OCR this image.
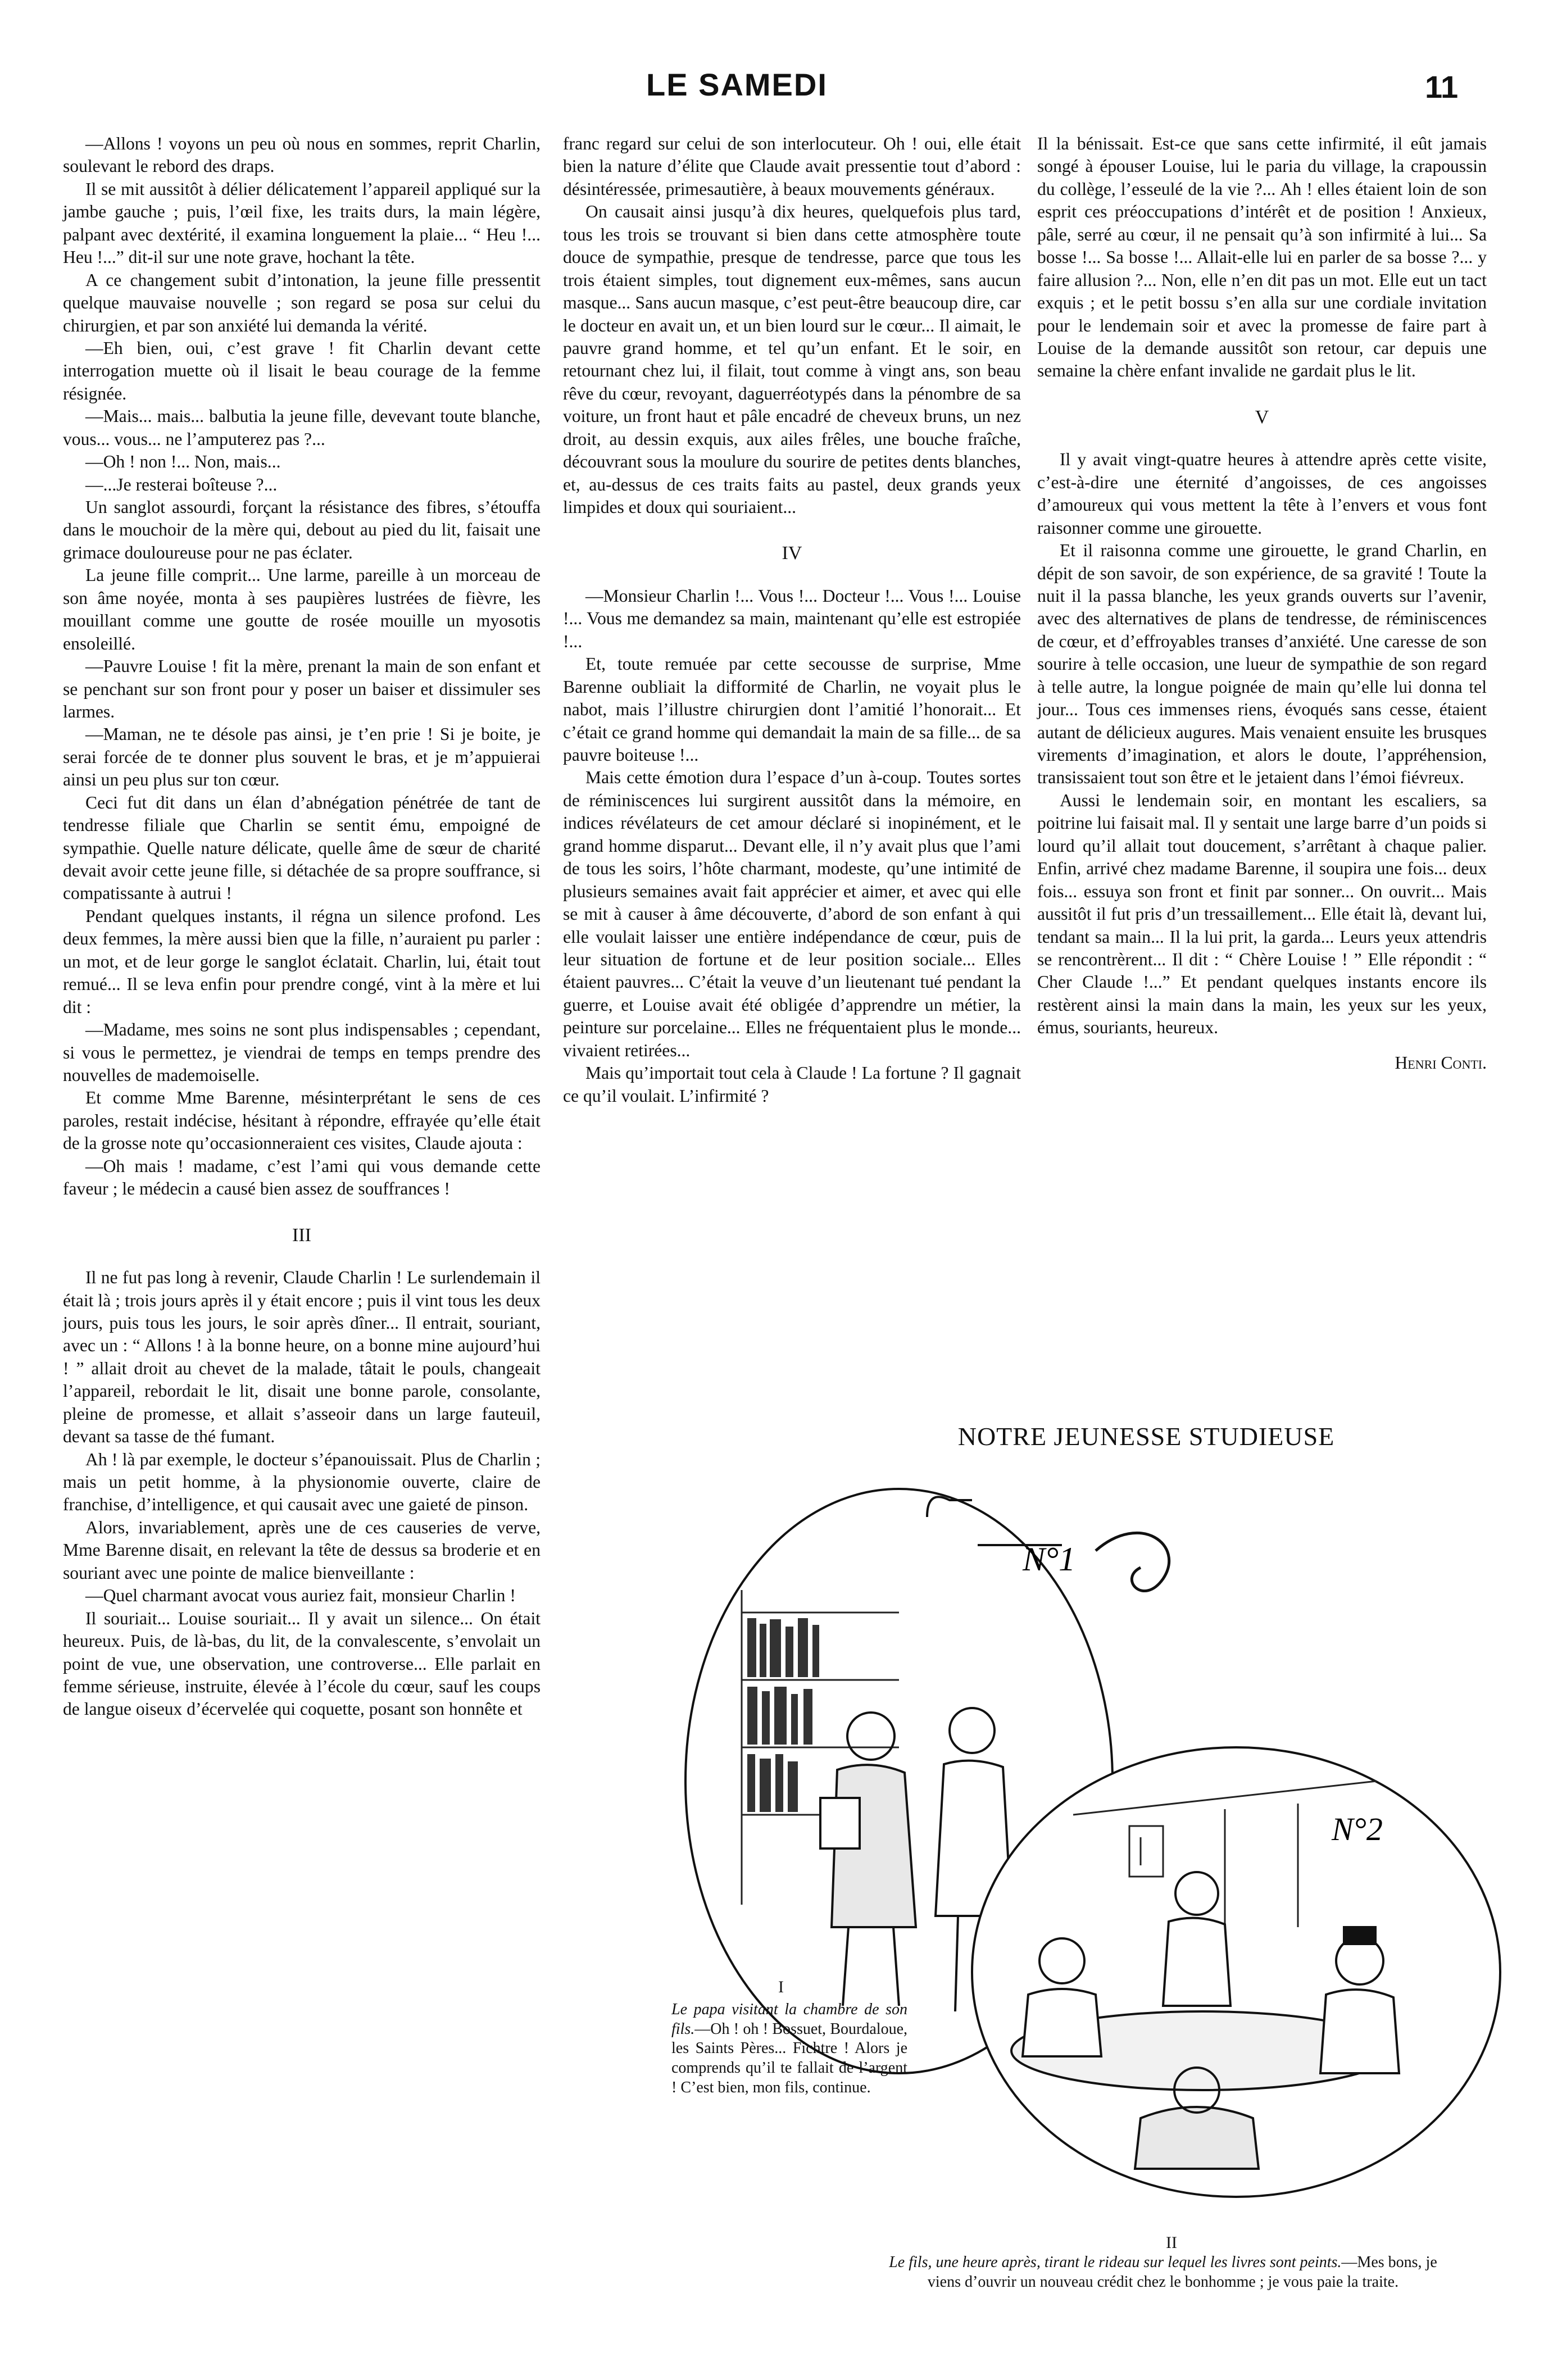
LE SAMEDI	11

—Allons ! voyons un peu où nous en sommes, reprit Charlin, soulevant le rebord des draps.

Il se mit aussitôt à délier délicatement l’appareil appliqué sur la jambe gauche ; puis, l’œil fixe, les traits durs, la main légère, palpant avec dextérité, il examina longuement la plaie... “ Heu !... Heu !...” dit-il sur une note grave, hochant la tête.

A ce changement subit d’intonation, la jeune fille pressentit quelque mauvaise nouvelle ; son regard se posa sur celui du chirurgien, et par son anxiété lui demanda la vérité.

—Eh bien, oui, c’est grave ! fit Charlin devant cette interrogation muette où il lisait le beau courage de la femme résignée.

—Mais... mais... balbutia la jeune fille, devevant toute blanche, vous... vous... ne l’amputerez pas ?...

—Oh ! non !... Non, mais...

—...Je resterai boîteuse ?...

Un sanglot assourdi, forçant la résistance des fibres, s’étouffa dans le mouchoir de la mère qui, debout au pied du lit, faisait une grimace douloureuse pour ne pas éclater.

La jeune fille comprit... Une larme, pareille à un morceau de son âme noyée, monta à ses paupières lustrées de fièvre, les mouillant comme une goutte de rosée mouille un myosotis ensoleillé.

—Pauvre Louise ! fit la mère, prenant la main de son enfant et se penchant sur son front pour y poser un baiser et dissimuler ses larmes.

—Maman, ne te désole pas ainsi, je t’en prie ! Si je boite, je serai forcée de te donner plus souvent le bras, et je m’appuierai ainsi un peu plus sur ton cœur.

Ceci fut dit dans un élan d’abnégation pénétrée de tant de tendresse filiale que Charlin se sentit ému, empoigné de sympathie. Quelle nature délicate, quelle âme de sœur de charité devait avoir cette jeune fille, si détachée de sa propre souffrance, si compatissante à autrui !

Pendant quelques instants, il régna un silence profond. Les deux femmes, la mère aussi bien que la fille, n’auraient pu parler : un mot, et de leur gorge le sanglot éclatait. Charlin, lui, était tout remué... Il se leva enfin pour prendre congé, vint à la mère et lui dit :

—Madame, mes soins ne sont plus indispensables ; cependant, si vous le permettez, je viendrai de temps en temps prendre des nouvelles de mademoiselle.

Et comme Mme Barenne, mésinterprétant le sens de ces paroles, restait indécise, hésitant à répondre, effrayée qu’elle était de la grosse note qu’occasionneraient ces visites, Claude ajouta :

—Oh mais ! madame, c’est l’ami qui vous demande cette faveur ; le médecin a causé bien assez de souffrances !

III

Il ne fut pas long à revenir, Claude Charlin ! Le surlendemain il était là ; trois jours après il y était encore ; puis il vint tous les deux jours, puis tous les jours, le soir après dîner... Il entrait, souriant, avec un : “ Allons ! à la bonne heure, on a bonne mine aujourd’hui ! ” allait droit au chevet de la malade, tâtait le pouls, changeait l’appareil, rebordait le lit, disait une bonne parole, consolante, pleine de promesse, et allait s’asseoir dans un large fauteuil, devant sa tasse de thé fumant.

Ah ! là par exemple, le docteur s’épanouissait. Plus de Charlin ; mais un petit homme, à la physionomie ouverte, claire de franchise, d’intelligence, et qui causait avec une gaieté de pinson.

Alors, invariablement, après une de ces causeries de verve, Mme Barenne disait, en relevant la tête de dessus sa broderie et en souriant avec une pointe de malice bienveillante :

—Quel charmant avocat vous auriez fait, monsieur Charlin !

Il souriait... Louise souriait... Il y avait un silence... On était heureux. Puis, de là-bas, du lit, de la convalescente, s’envolait un point de vue, une observation, une controverse... Elle parlait en femme sérieuse, instruite, élevée à l’école du cœur, sauf les coups de langue oiseux d’écervelée qui coquette, posant son honnête et

franc regard sur celui de son interlocuteur. Oh ! oui, elle était bien la nature d’élite que Claude avait pressentie tout d’abord : désintéressée, primesautière, à beaux mouvements généraux.

On causait ainsi jusqu’à dix heures, quelquefois plus tard, tous les trois se trouvant si bien dans cette atmosphère toute douce de sympathie, presque de tendresse, parce que tous les trois étaient simples, tout dignement eux-mêmes, sans aucun masque... Sans aucun masque, c’est peut-être beaucoup dire, car le docteur en avait un, et un bien lourd sur le cœur... Il aimait, le pauvre grand homme, et tel qu’un enfant. Et le soir, en retournant chez lui, il filait, tout comme à vingt ans, son beau rêve du cœur, revoyant, daguerréotypés dans la pénombre de sa voiture, un front haut et pâle encadré de cheveux bruns, un nez droit, au dessin exquis, aux ailes frêles, une bouche fraîche, découvrant sous la moulure du sourire de petites dents blanches, et, au-dessus de ces traits faits au pastel, deux grands yeux limpides et doux qui souriaient...

IV

—Monsieur Charlin !... Vous !... Docteur !... Vous !... Louise !... Vous me demandez sa main, maintenant qu’elle est estropiée !...

Et, toute remuée par cette secousse de surprise, Mme Barenne oubliait la difformité de Charlin, ne voyait plus le nabot, mais l’illustre chirurgien dont l’amitié l’honorait... Et c’était ce grand homme qui demandait la main de sa fille... de sa pauvre boiteuse !...

Mais cette émotion dura l’espace d’un à-coup. Toutes sortes de réminiscences lui surgirent aussitôt dans la mémoire, en indices révélateurs de cet amour déclaré si inopinément, et le grand homme disparut... Devant elle, il n’y avait plus que l’ami de tous les soirs, l’hôte charmant, modeste, qu’une intimité de plusieurs semaines avait fait apprécier et aimer, et avec qui elle se mit à causer à âme découverte, d’abord de son enfant à qui elle voulait laisser une entière indépendance de cœur, puis de leur situation de fortune et de leur position sociale... Elles étaient pauvres... C’était la veuve d’un lieutenant tué pendant la guerre, et Louise avait été obligée d’apprendre un métier, la peinture sur porcelaine... Elles ne fréquentaient plus le monde... vivaient retirées...

Mais qu’importait tout cela à Claude ! La fortune ? Il gagnait ce qu’il voulait. L’infirmité ?

Il la bénissait. Est-ce que sans cette infirmité, il eût jamais songé à épouser Louise, lui le paria du village, la crapoussin du collège, l’esseulé de la vie ?... Ah ! elles étaient loin de son esprit ces préoccupations d’intérêt et de position ! Anxieux, pâle, serré au cœur, il ne pensait qu’à son infirmité à lui... Sa bosse !... Sa bosse !... Allait-elle lui en parler de sa bosse ?... y faire allusion ?... Non, elle n’en dit pas un mot. Elle eut un tact exquis ; et le petit bossu s’en alla sur une cordiale invitation pour le lendemain soir et avec la promesse de faire part à Louise de la demande aussitôt son retour, car depuis une semaine la chère enfant invalide ne gardait plus le lit.

V

Il y avait vingt-quatre heures à attendre après cette visite, c’est-à-dire une éternité d’angoisses, de ces angoisses d’amoureux qui vous mettent la tête à l’envers et vous font raisonner comme une girouette.

Et il raisonna comme une girouette, le grand Charlin, en dépit de son savoir, de son expérience, de sa gravité ! Toute la nuit il la passa blanche, les yeux grands ouverts sur l’avenir, avec des alternatives de plans de tendresse, de réminiscences de cœur, et d’effroyables transes d’anxiété. Une caresse de son sourire à telle occasion, une lueur de sympathie de son regard à telle autre, la longue poignée de main qu’elle lui donna tel jour... Tous ces immenses riens, évoqués sans cesse, étaient autant de délicieux augures. Mais venaient ensuite les brusques virements d’imagination, et alors le doute, l’appréhension, transissaient tout son être et le jetaient dans l’émoi fiévreux.

Aussi le lendemain soir, en montant les escaliers, sa poitrine lui faisait mal. Il y sentait une large barre d’un poids si lourd qu’il allait tout doucement, s’arrêtant à chaque palier. Enfin, arrivé chez madame Barenne, il soupira une fois... deux fois... essuya son front et finit par sonner... On ouvrit... Mais aussitôt il fut pris d’un tressaillement... Elle était là, devant lui, tendant sa main... Il la lui prit, la garda... Leurs yeux attendris se rencontrèrent... Il dit : “ Chère Louise ! ” Elle répondit : “ Cher Claude !...” Et pendant quelques instants encore ils restèrent ainsi la main dans la main, les yeux sur les yeux, émus, souriants, heureux.

Henri Conti.

NOTRE JEUNESSE STUDIEUSE
N°1
N°2
I
Le papa visitant la chambre de son fils.—Oh ! oh ! Bossuet, Bourdaloue, les Saints Pères... Fichtre ! Alors je comprends qu’il te fallait de l’argent ! C’est bien, mon fils, continue.
II
Le fils, une heure après, tirant le rideau sur lequel les livres sont peints.—Mes bons, je viens d’ouvrir un nouveau crédit chez le bonhomme ; je vous paie la traite.
